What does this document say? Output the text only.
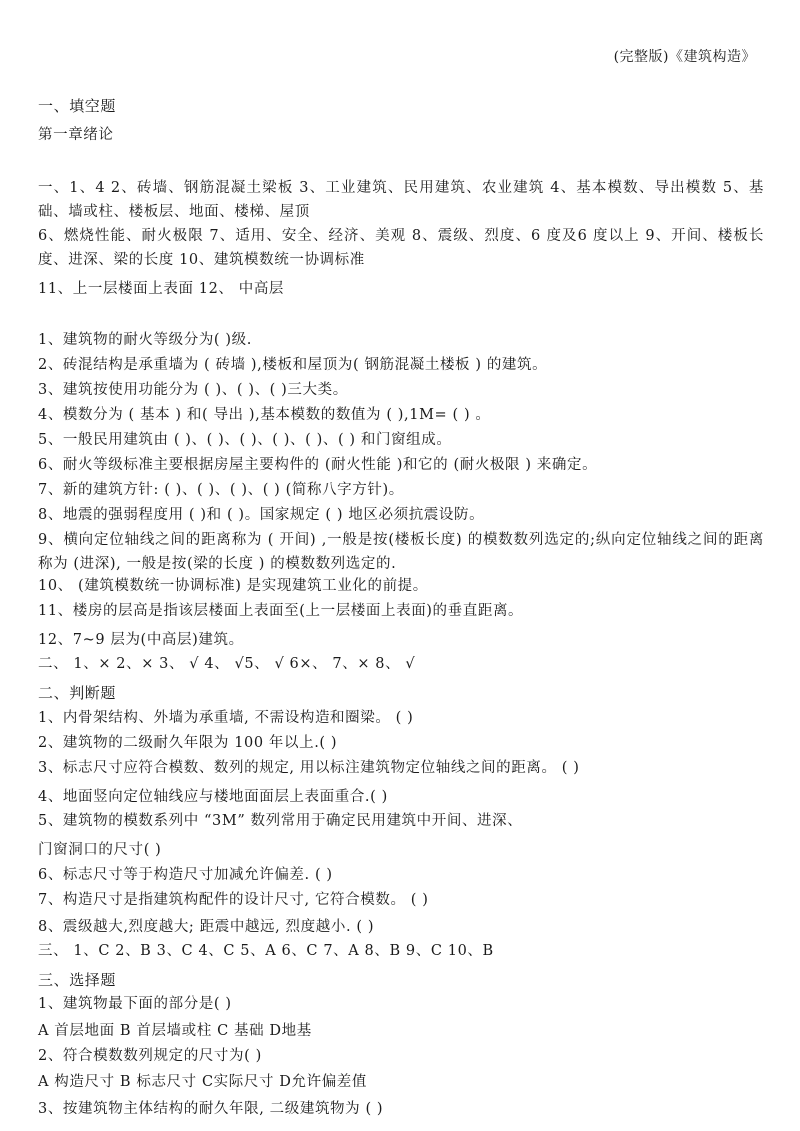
(完整版)《建筑构造》
一、填空题
第一章绪论
一、1、4 2、砖墙、钢筋混凝土梁板 3、工业建筑、民用建筑、农业建筑 4、基本模数、导出模数 5、基础、墙或柱、楼板层、地面、楼梯、屋顶
6、燃烧性能、耐火极限 7、适用、安全、经济、美观 8、震级、烈度、6 度及6 度以上 9、开间、楼板长度、进深、梁的长度 10、建筑模数统一协调标准
11、上一层楼面上表面 12、 中高层
1、建筑物的耐火等级分为( )级.
2、砖混结构是承重墙为 ( 砖墙 ),楼板和屋顶为( 钢筋混凝土楼板 ) 的建筑。
3、建筑按使用功能分为 ( )、( )、( )三大类。
4、模数分为 ( 基本 ) 和( 导出 ),基本模数的数值为 ( ),1M= ( ) 。
5、一般民用建筑由 ( )、( )、( )、( )、( )、( ) 和门窗组成。
6、耐火等级标准主要根据房屋主要构件的 (耐火性能 )和它的 (耐火极限 ) 来确定。
7、新的建筑方针: ( )、( )、( )、( ) (简称八字方针)。
8、地震的强弱程度用 ( )和 ( )。国家规定 ( ) 地区必须抗震设防。
9、横向定位轴线之间的距离称为 ( 开间) ,一般是按(楼板长度) 的模数数列选定的;纵向定位轴线之间的距离称为 (进深), 一般是按(梁的长度 ) 的模数数列选定的.
10、 (建筑模数统一协调标准) 是实现建筑工业化的前提。
11、楼房的层高是指该层楼面上表面至(上一层楼面上表面)的垂直距离。
12、7~9 层为(中高层)建筑。
二、 1、× 2、× 3、 √ 4、 √5、 √ 6×、 7、× 8、 √
二、判断题
1、内骨架结构、外墙为承重墙, 不需设构造和圈梁。 ( )
2、建筑物的二级耐久年限为 100 年以上.( )
3、标志尺寸应符合模数、数列的规定, 用以标注建筑物定位轴线之间的距离。 ( )
4、地面竖向定位轴线应与楼地面面层上表面重合.( )
5、建筑物的模数系列中 “3M” 数列常用于确定民用建筑中开间、进深、
门窗洞口的尺寸( )
6、标志尺寸等于构造尺寸加减允许偏差. ( )
7、构造尺寸是指建筑构配件的设计尺寸, 它符合模数。 ( )
8、震级越大,烈度越大; 距震中越远, 烈度越小. ( )
三、 1、C 2、B 3、C 4、C 5、A 6、C 7、A 8、B 9、C 10、B
三、选择题
1、建筑物最下面的部分是( )
A 首层地面 B 首层墙或柱 C 基础 D地基
2、符合模数数列规定的尺寸为( )
A 构造尺寸 B 标志尺寸 C实际尺寸 D允许偏差值
3、按建筑物主体结构的耐久年限, 二级建筑物为 ( )
